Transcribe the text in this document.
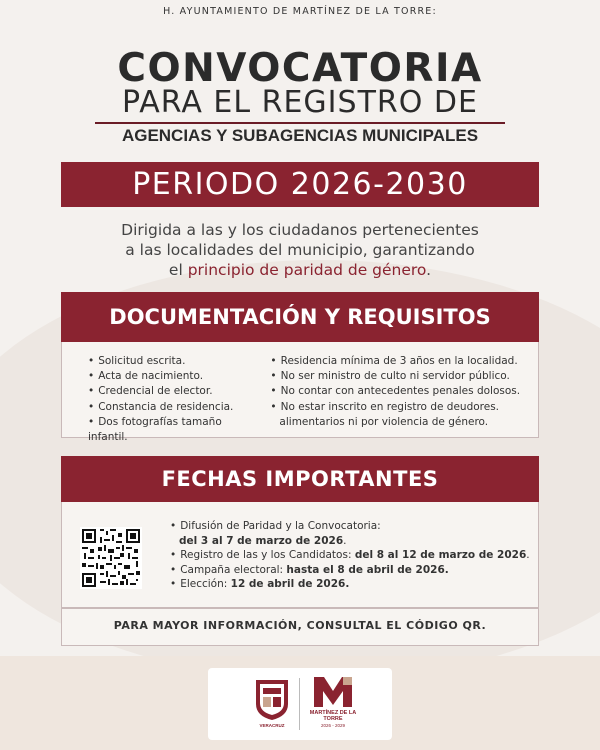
H. AYUNTAMIENTO DE MARTÍNEZ DE LA TORRE:
CONVOCATORIA
PARA EL REGISTRO DE
AGENCIAS Y SUBAGENCIAS MUNICIPALES
PERIODO 2026-2030
Dirigida a las y los ciudadanos pertenecientes
a las localidades del municipio, garantizando
el principio de paridad de género.
DOCUMENTACIÓN Y REQUISITOS
• Solicitud escrita.
• Acta de nacimiento.
• Credencial de elector.
• Constancia de residencia.
• Dos fotografías tamaño infantil.
• Residencia mínima de 3 años en la localidad.
• No ser ministro de culto ni servidor público.
• No contar con antecedentes penales dolosos.
• No estar inscrito en registro de deudores.
alimentarios ni por violencia de género.
FECHAS IMPORTANTES
• Difusión de Paridad y la Convocatoria:
del 3 al 7 de marzo de 2026.
• Registro de las y los Candidatos: del 8 al 12 de marzo de 2026.
• Campaña electoral: hasta el 8 de abril de 2026.
• Elección: 12 de abril de 2026.
PARA MAYOR INFORMACIÓN, CONSULTAL EL CÓDIGO QR.
VERACRUZ
MARTÍNEZ DE LA TORRE
2026 - 2029
